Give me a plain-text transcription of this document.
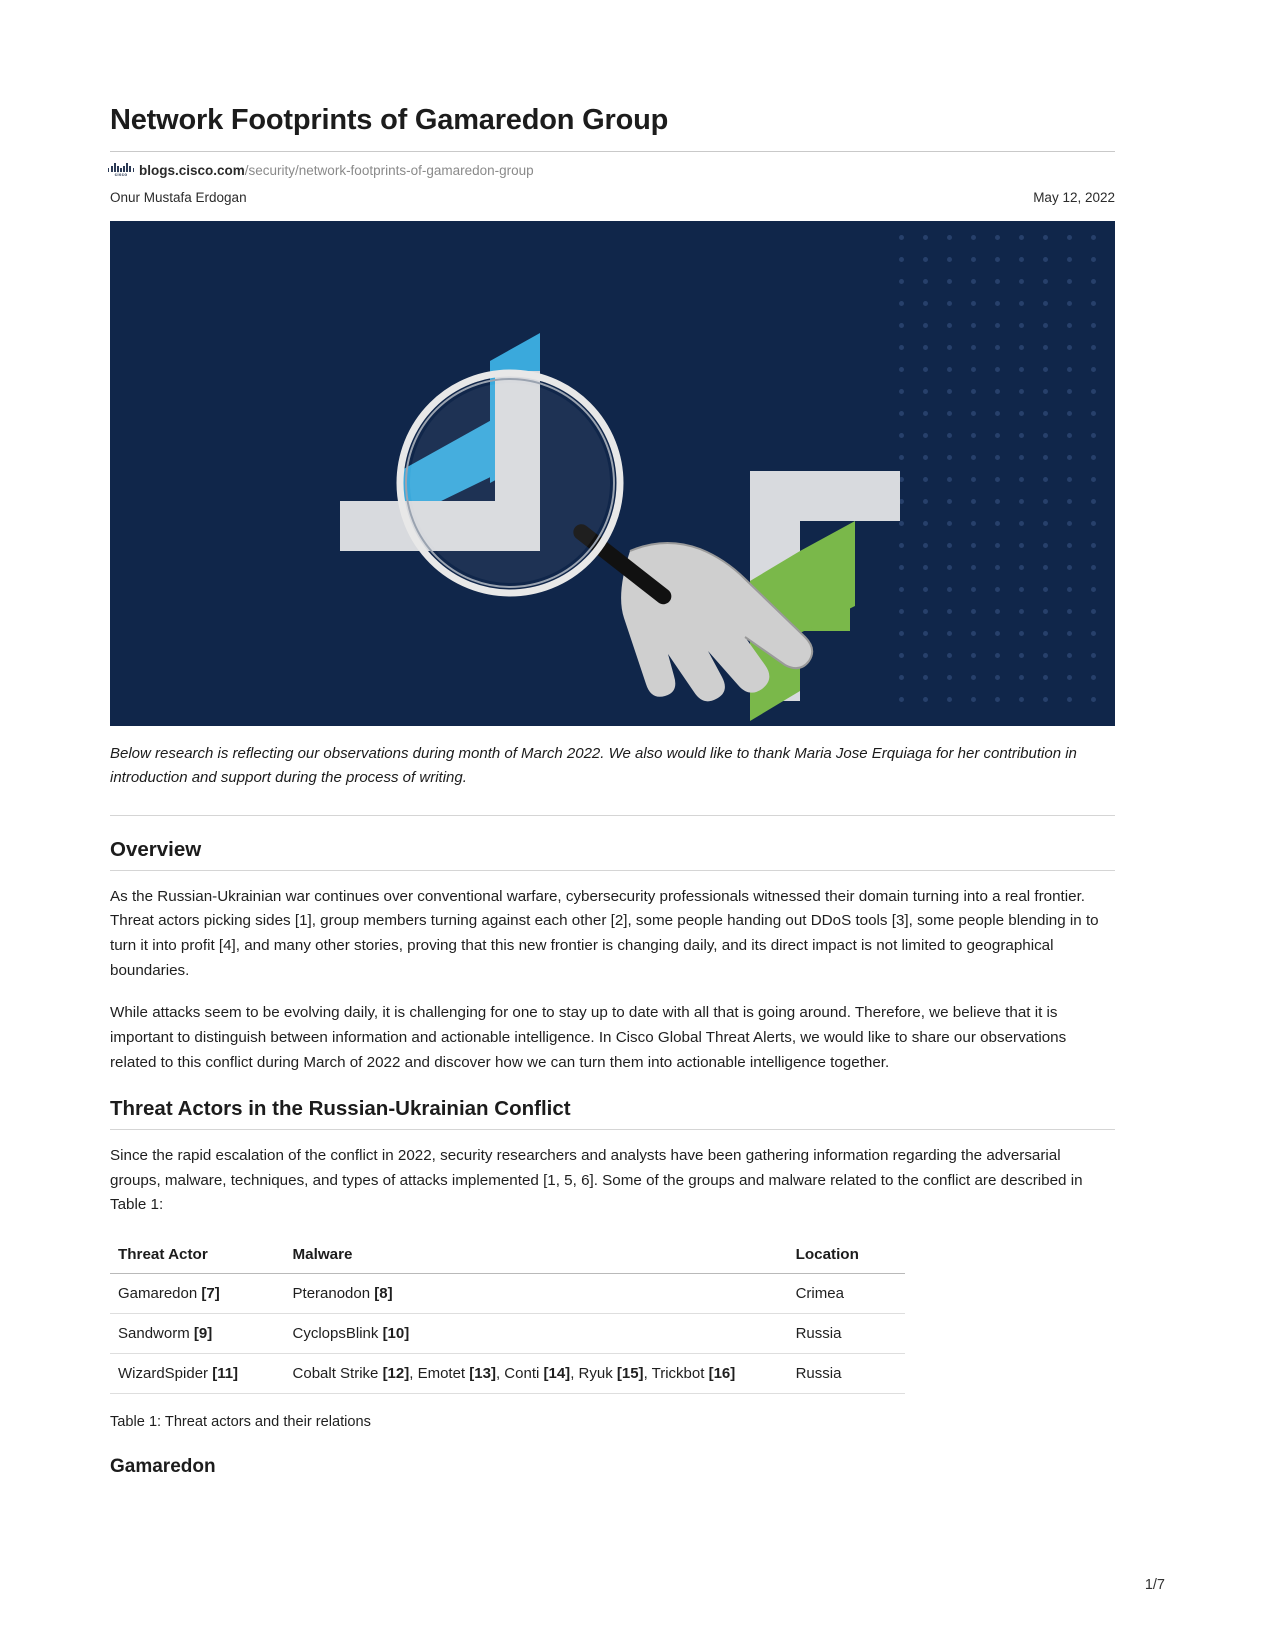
Network Footprints of Gamaredon Group
cisco blogs.cisco.com /security/network-footprints-of-gamaredon-group
Onur Mustafa Erdogan	May 12, 2022
Below research is reflecting our observations during month of March 2022. We also would like to thank Maria Jose Erquiaga for her contribution in introduction and support during the process of writing.
Overview

As the Russian-Ukrainian war continues over conventional warfare, cybersecurity professionals witnessed their domain turning into a real frontier. Threat actors picking sides [1], group members turning against each other [2], some people handing out DDoS tools [3], some people blending in to turn it into profit [4], and many other stories, proving that this new frontier is changing daily, and its direct impact is not limited to geographical boundaries.

While attacks seem to be evolving daily, it is challenging for one to stay up to date with all that is going around. Therefore, we believe that it is important to distinguish between information and actionable intelligence. In Cisco Global Threat Alerts, we would like to share our observations related to this conflict during March of 2022 and discover how we can turn them into actionable intelligence together.

Threat Actors in the Russian-Ukrainian Conflict

Since the rapid escalation of the conflict in 2022, security researchers and analysts have been gathering information regarding the adversarial groups, malware, techniques, and types of attacks implemented [1, 5, 6]. Some of the groups and malware related to the conflict are described in Table 1:

Threat Actor	Malware	Location
Gamaredon [7]	Pteranodon [8]	Crimea
Sandworm [9]	CyclopsBlink [10]	Russia
WizardSpider [11]	Cobalt Strike [12], Emotet [13], Conti [14], Ryuk [15], Trickbot [16]	Russia
Table 1: Threat actors and their relations
Gamaredon
1/7
